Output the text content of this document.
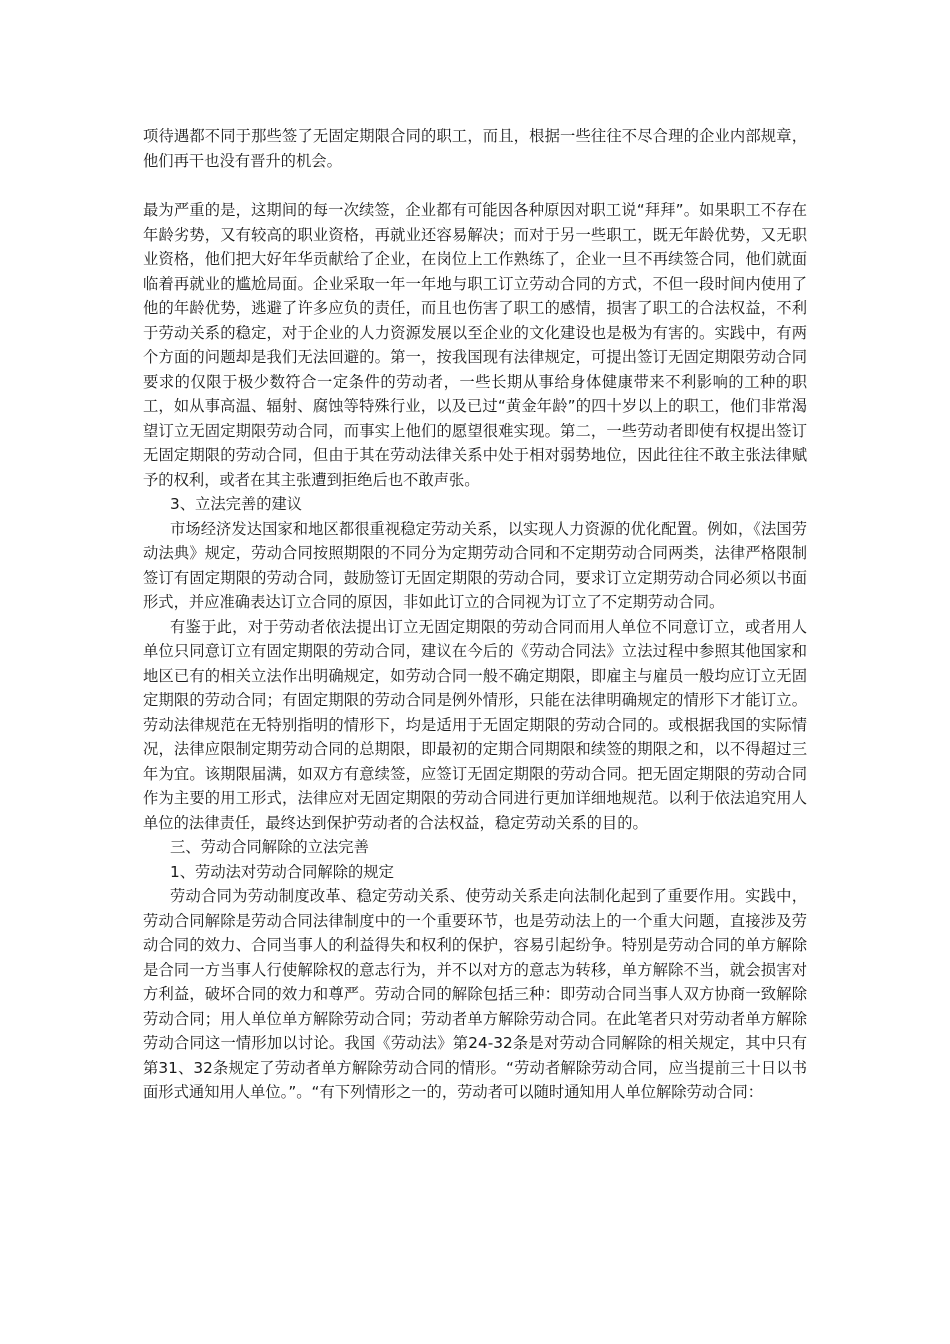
项待遇都不同于那些签了无固定期限合同的职工，而且，根据一些往往不尽合理的企业内部规章，他们再干也没有晋升的机会。

最为严重的是，这期间的每一次续签，企业都有可能因各种原因对职工说“拜拜”。如果职工不存在年龄劣势，又有较高的职业资格，再就业还容易解决；而对于另一些职工，既无年龄优势，又无职业资格，他们把大好年华贡献给了企业，在岗位上工作熟练了，企业一旦不再续签合同，他们就面临着再就业的尴尬局面。企业采取一年一年地与职工订立劳动合同的方式，不但一段时间内使用了他的年龄优势，逃避了许多应负的责任，而且也伤害了职工的感情，损害了职工的合法权益，不利于劳动关系的稳定，对于企业的人力资源发展以至企业的文化建设也是极为有害的。实践中，有两个方面的问题却是我们无法回避的。第一，按我国现有法律规定，可提出签订无固定期限劳动合同要求的仅限于极少数符合一定条件的劳动者，一些长期从事给身体健康带来不利影响的工种的职工，如从事高温、辐射、腐蚀等特殊行业，以及已过“黄金年龄”的四十岁以上的职工，他们非常渴望订立无固定期限劳动合同，而事实上他们的愿望很难实现。第二，一些劳动者即使有权提出签订无固定期限的劳动合同，但由于其在劳动法律关系中处于相对弱势地位，因此往往不敢主张法律赋予的权利，或者在其主张遭到拒绝后也不敢声张。

3、立法完善的建议

市场经济发达国家和地区都很重视稳定劳动关系，以实现人力资源的优化配置。例如，《法国劳动法典》规定，劳动合同按照期限的不同分为定期劳动合同和不定期劳动合同两类，法律严格限制签订有固定期限的劳动合同，鼓励签订无固定期限的劳动合同，要求订立定期劳动合同必须以书面形式，并应准确表达订立合同的原因，非如此订立的合同视为订立了不定期劳动合同。

有鉴于此，对于劳动者依法提出订立无固定期限的劳动合同而用人单位不同意订立，或者用人单位只同意订立有固定期限的劳动合同，建议在今后的《劳动合同法》立法过程中参照其他国家和地区已有的相关立法作出明确规定，如劳动合同一般不确定期限，即雇主与雇员一般均应订立无固定期限的劳动合同；有固定期限的劳动合同是例外情形，只能在法律明确规定的情形下才能订立。劳动法律规范在无特别指明的情形下，均是适用于无固定期限的劳动合同的。或根据我国的实际情况，法律应限制定期劳动合同的总期限，即最初的定期合同期限和续签的期限之和，以不得超过三年为宜。该期限届满，如双方有意续签，应签订无固定期限的劳动合同。把无固定期限的劳动合同作为主要的用工形式，法律应对无固定期限的劳动合同进行更加详细地规范。以利于依法追究用人单位的法律责任，最终达到保护劳动者的合法权益，稳定劳动关系的目的。

三、劳动合同解除的立法完善

1、劳动法对劳动合同解除的规定

劳动合同为劳动制度改革、稳定劳动关系、使劳动关系走向法制化起到了重要作用。实践中，劳动合同解除是劳动合同法律制度中的一个重要环节，也是劳动法上的一个重大问题，直接涉及劳动合同的效力、合同当事人的利益得失和权利的保护，容易引起纷争。特别是劳动合同的单方解除是合同一方当事人行使解除权的意志行为，并不以对方的意志为转移，单方解除不当，就会损害对方利益，破坏合同的效力和尊严。劳动合同的解除包括三种：即劳动合同当事人双方协商一致解除劳动合同；用人单位单方解除劳动合同；劳动者单方解除劳动合同。在此笔者只对劳动者单方解除劳动合同这一情形加以讨论。我国《劳动法》第24-32条是对劳动合同解除的相关规定，其中只有第31、32条规定了劳动者单方解除劳动合同的情形。“劳动者解除劳动合同，应当提前三十日以书面形式通知用人单位。”。“有下列情形之一的，劳动者可以随时通知用人单位解除劳动合同：
